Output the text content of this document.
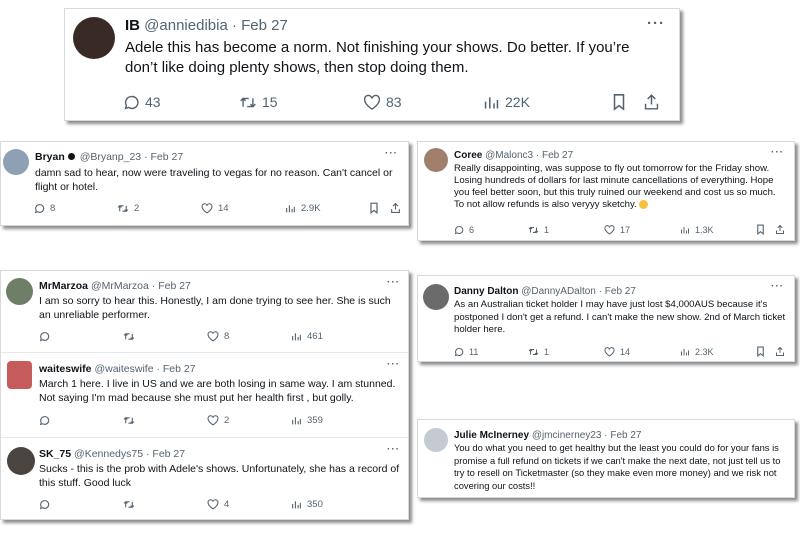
IB @anniedibia · Feb 27	···
Adele this has become a norm. Not finishing your shows. Do better. If you’re don’t like doing plenty shows, then stop doing them.
43	15	83	22K
Bryan @Bryanp_23 · Feb 27	···
damn sad to hear, now were traveling to vegas for no reason. Can't cancel or flight or hotel.
8	2	14	2.9K
Coree @Malonc3 · Feb 27	···
Really disappointing, was suppose to fly out tomorrow for the Friday show. Losing hundreds of dollars for last minute cancellations of everything. Hope you feel better soon, but this truly ruined our weekend and cost us so much. To not allow refunds is also veryyy sketchy.
6	1	17	1.3K
MrMarzoa @MrMarzoa · Feb 27	···
I am so sorry to hear this. Honestly, I am done trying to see her. She is such an unreliable performer.
8	461
waiteswife @waiteswife · Feb 27	···
March 1 here. I live in US and we are both losing in same way. I am stunned. Not saying I'm mad because she must put her health first , but golly.
2	359
SK_75 @Kennedys75 · Feb 27	···
Sucks - this is the prob with Adele's shows. Unfortunately, she has a record of this stuff. Good luck
4	350
Danny Dalton @DannyADalton · Feb 27	···
As an Australian ticket holder I may have just lost $4,000AUS because it's postponed I don't get a refund. I can't make the new show. 2nd of March ticket holder here.
11	1	14	2.3K
Julie McInerney @jmcinerney23 · Feb 27
You do what you need to get healthy but the least you could do for your fans is promise a full refund on tickets if we can't make the next date, not just tell us to try to resell on Ticketmaster (so they make even more money) and we risk not covering our costs!!
